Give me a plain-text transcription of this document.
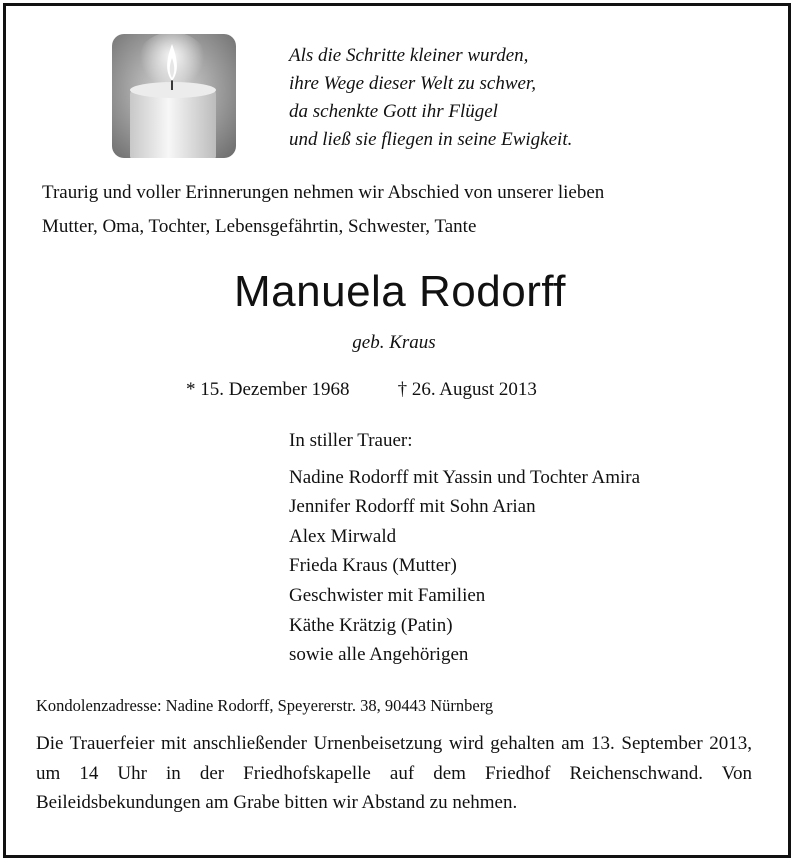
Als die Schritte kleiner wurden,
ihre Wege dieser Welt zu schwer,
da schenkte Gott ihr Flügel
und ließ sie fliegen in seine Ewigkeit.
Traurig und voller Erinnerungen nehmen wir Abschied von unserer lieben
Mutter, Oma, Tochter, Lebensgefährtin, Schwester, Tante
Manuela Rodorff
geb. Kraus
* 15. Dezember 1968	† 26. August 2013
In stiller Trauer:
Nadine Rodorff mit Yassin und Tochter Amira
Jennifer Rodorff mit Sohn Arian
Alex Mirwald
Frieda Kraus (Mutter)
Geschwister mit Familien
Käthe Krätzig (Patin)
sowie alle Angehörigen
Kondolenzadresse: Nadine Rodorff, Speyererstr. 38, 90443 Nürnberg
Die Trauerfeier mit anschließender Urnenbeisetzung wird gehalten am 13. September 2013, um 14 Uhr in der Friedhofskapelle auf dem Friedhof Reichenschwand. Von Beileidsbekundungen am Grabe bitten wir Abstand zu nehmen.
